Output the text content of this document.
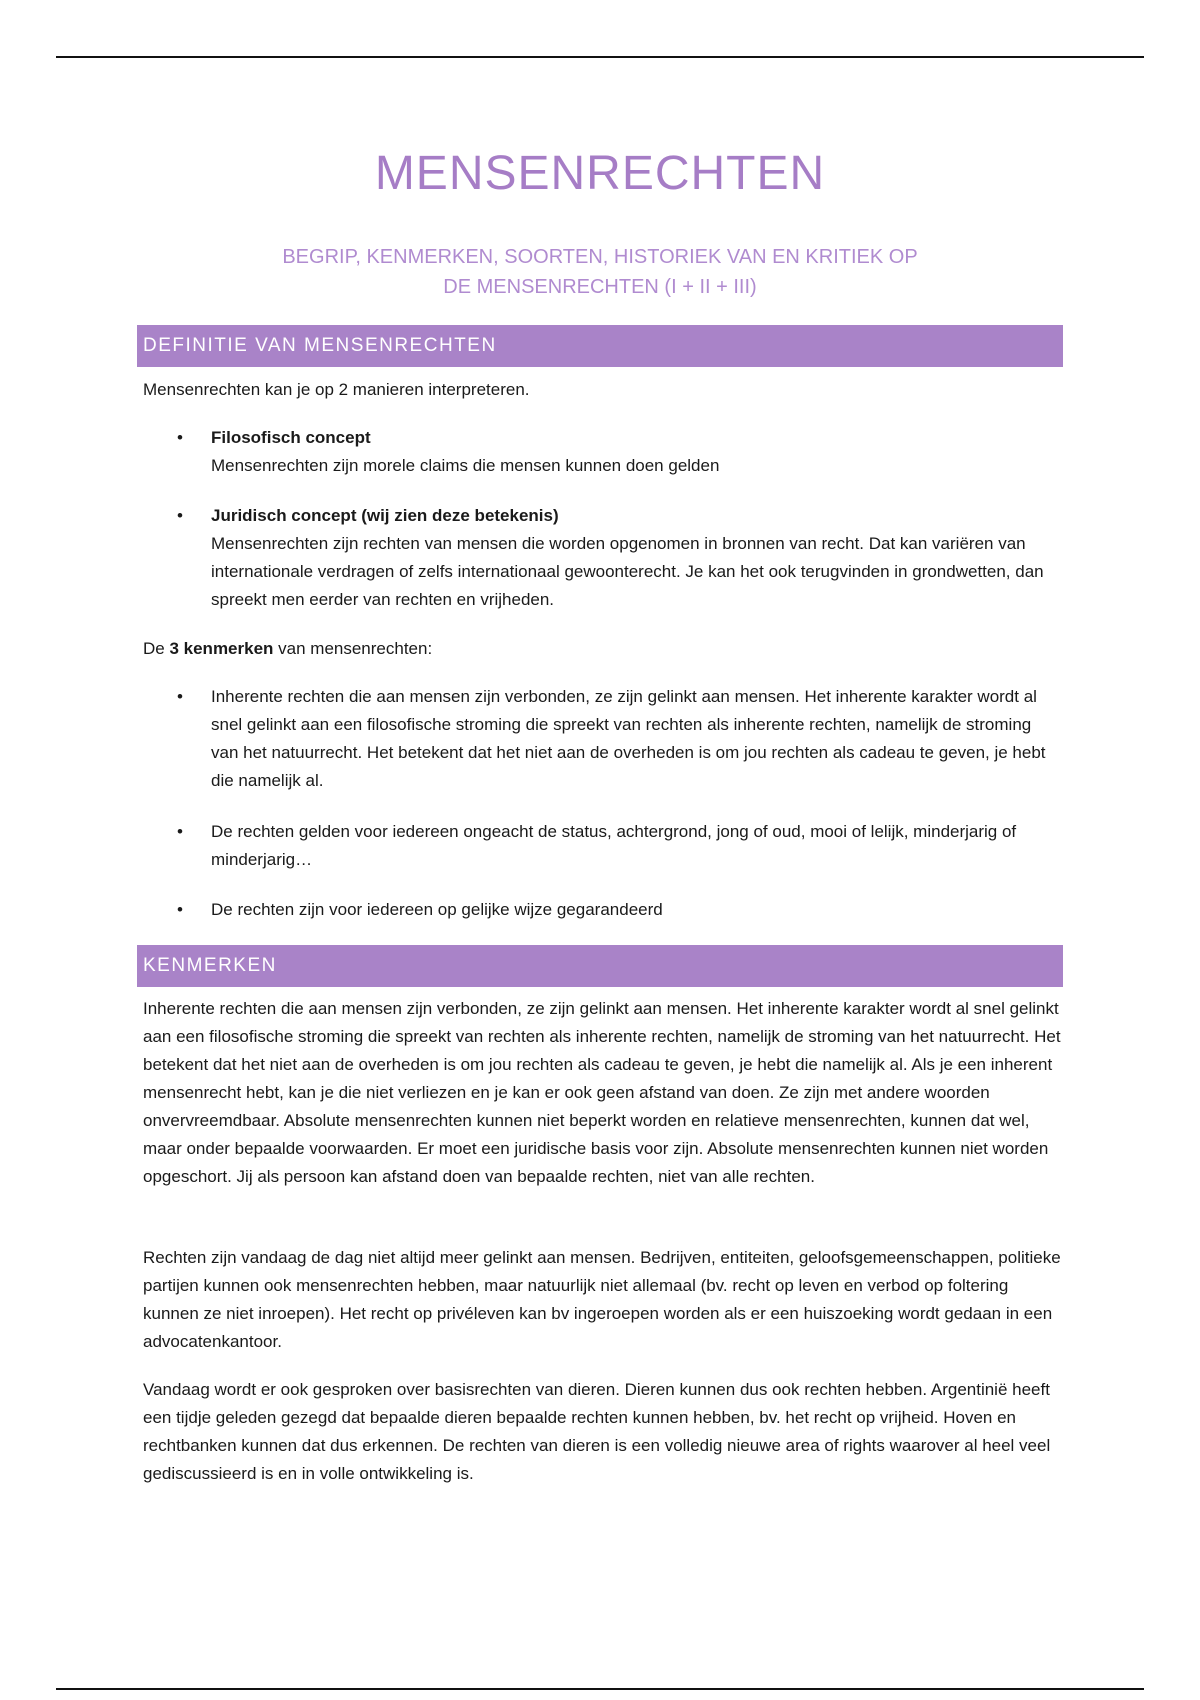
MENSENRECHTEN
BEGRIP, KENMERKEN, SOORTEN, HISTORIEK VAN EN KRITIEK OP
DE MENSENRECHTEN (I + II + III)
DEFINITIE VAN MENSENRECHTEN

Mensenrechten kan je op 2 manieren interpreteren.

•	Filosofisch concept
Mensenrechten zijn morele claims die mensen kunnen doen gelden
•	Juridisch concept (wij zien deze betekenis)
Mensenrechten zijn rechten van mensen die worden opgenomen in bronnen van recht. Dat kan variëren van internationale verdragen of zelfs internationaal gewoonterecht. Je kan het ook terugvinden in grondwetten, dan spreekt men eerder van rechten en vrijheden.

De 3 kenmerken van mensenrechten:

•	Inherente rechten die aan mensen zijn verbonden, ze zijn gelinkt aan mensen. Het inherente karakter wordt al snel gelinkt aan een filosofische stroming die spreekt van rechten als inherente rechten, namelijk de stroming van het natuurrecht. Het betekent dat het niet aan de overheden is om jou rechten als cadeau te geven, je hebt die namelijk al.
•	De rechten gelden voor iedereen ongeacht de status, achtergrond, jong of oud, mooi of lelijk, minderjarig of minderjarig…
•	De rechten zijn voor iedereen op gelijke wijze gegarandeerd
KENMERKEN

Inherente rechten die aan mensen zijn verbonden, ze zijn gelinkt aan mensen. Het inherente karakter wordt al snel gelinkt aan een filosofische stroming die spreekt van rechten als inherente rechten, namelijk de stroming van het natuurrecht. Het betekent dat het niet aan de overheden is om jou rechten als cadeau te geven, je hebt die namelijk al. Als je een inherent mensenrecht hebt, kan je die niet verliezen en je kan er ook geen afstand van doen. Ze zijn met andere woorden onvervreemdbaar. Absolute mensenrechten kunnen niet beperkt worden en relatieve mensenrechten, kunnen dat wel, maar onder bepaalde voorwaarden. Er moet een juridische basis voor zijn. Absolute mensenrechten kunnen niet worden opgeschort. Jij als persoon kan afstand doen van bepaalde rechten, niet van alle rechten.

Rechten zijn vandaag de dag niet altijd meer gelinkt aan mensen. Bedrijven, entiteiten, geloofsgemeenschappen, politieke partijen kunnen ook mensenrechten hebben, maar natuurlijk niet allemaal (bv. recht op leven en verbod op foltering kunnen ze niet inroepen). Het recht op privéleven kan bv ingeroepen worden als er een huiszoeking wordt gedaan in een advocatenkantoor.

Vandaag wordt er ook gesproken over basisrechten van dieren. Dieren kunnen dus ook rechten hebben. Argentinië heeft een tijdje geleden gezegd dat bepaalde dieren bepaalde rechten kunnen hebben, bv. het recht op vrijheid. Hoven en rechtbanken kunnen dat dus erkennen. De rechten van dieren is een volledig nieuwe area of rights waarover al heel veel gediscussieerd is en in volle ontwikkeling is.
